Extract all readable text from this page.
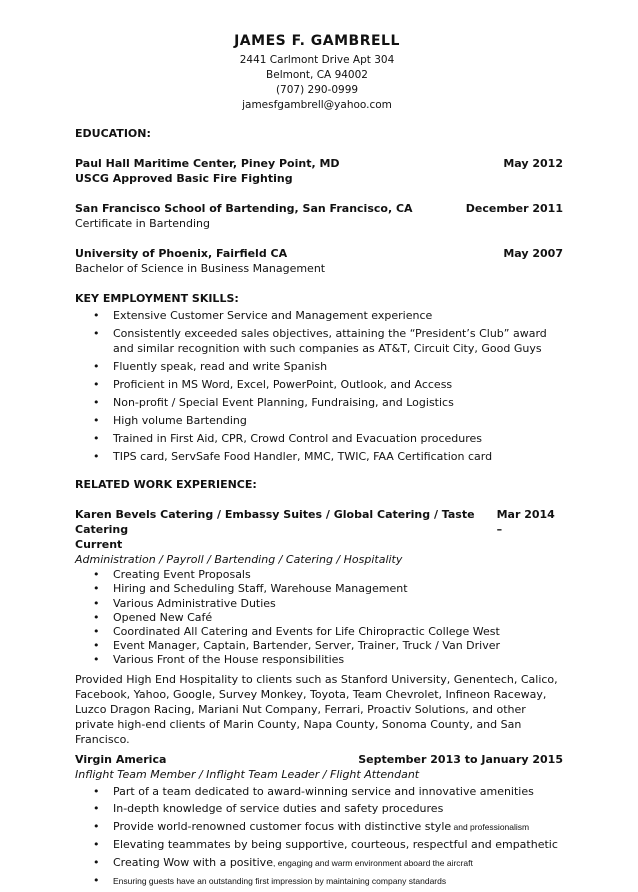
JAMES F. GAMBRELL
2441 Carlmont Drive Apt 304
Belmont, CA 94002
(707) 290-0999
jamesfgambrell@yahoo.com
EDUCATION:
Paul Hall Maritime Center, Piney Point, MD	May 2012
USCG Approved Basic Fire Fighting
San Francisco School of Bartending, San Francisco, CA	December 2011
Certificate in Bartending
University of Phoenix, Fairfield CA	May 2007
Bachelor of Science in Business Management
KEY EMPLOYMENT SKILLS:
• Extensive Customer Service and Management experience
• Consistently exceeded sales objectives, attaining the “President’s Club” award and similar recognition with such companies as AT&T, Circuit City, Good Guys
• Fluently speak, read and write Spanish
• Proficient in MS Word, Excel, PowerPoint, Outlook, and Access
• Non-profit / Special Event Planning, Fundraising, and Logistics
• High volume Bartending
• Trained in First Aid, CPR, Crowd Control and Evacuation procedures
• TIPS card, ServSafe Food Handler, MMC, TWIC, FAA Certification card
RELATED WORK EXPERIENCE:
Karen Bevels Catering / Embassy Suites / Global Catering / Taste Catering
Mar 2014 –
Current
Administration / Payroll / Bartending / Catering / Hospitality
• Creating Event Proposals
• Hiring and Scheduling Staff, Warehouse Management
• Various Administrative Duties
• Opened New Café
• Coordinated All Catering and Events for Life Chiropractic College West
• Event Manager, Captain, Bartender, Server, Trainer, Truck / Van Driver
• Various Front of the House responsibilities
Provided High End Hospitality to clients such as Stanford University, Genentech, Calico, Facebook, Yahoo, Google, Survey Monkey, Toyota, Team Chevrolet, Infineon Raceway, Luzco Dragon Racing, Mariani Nut Company, Ferrari, Proactiv Solutions, and other private high-end clients of Marin County, Napa County, Sonoma County, and San Francisco.
Virgin America	September 2013 to January 2015
Inflight Team Member / Inflight Team Leader / Flight Attendant
• Part of a team dedicated to award-winning service and innovative amenities
• In-depth knowledge of service duties and safety procedures
• Provide world-renowned customer focus with distinctive style and professionalism
• Elevating teammates by being supportive, courteous, respectful and empathetic
• Creating Wow with a positive, engaging and warm environment aboard the aircraft
• Ensuring guests have an outstanding first impression by maintaining company standards
